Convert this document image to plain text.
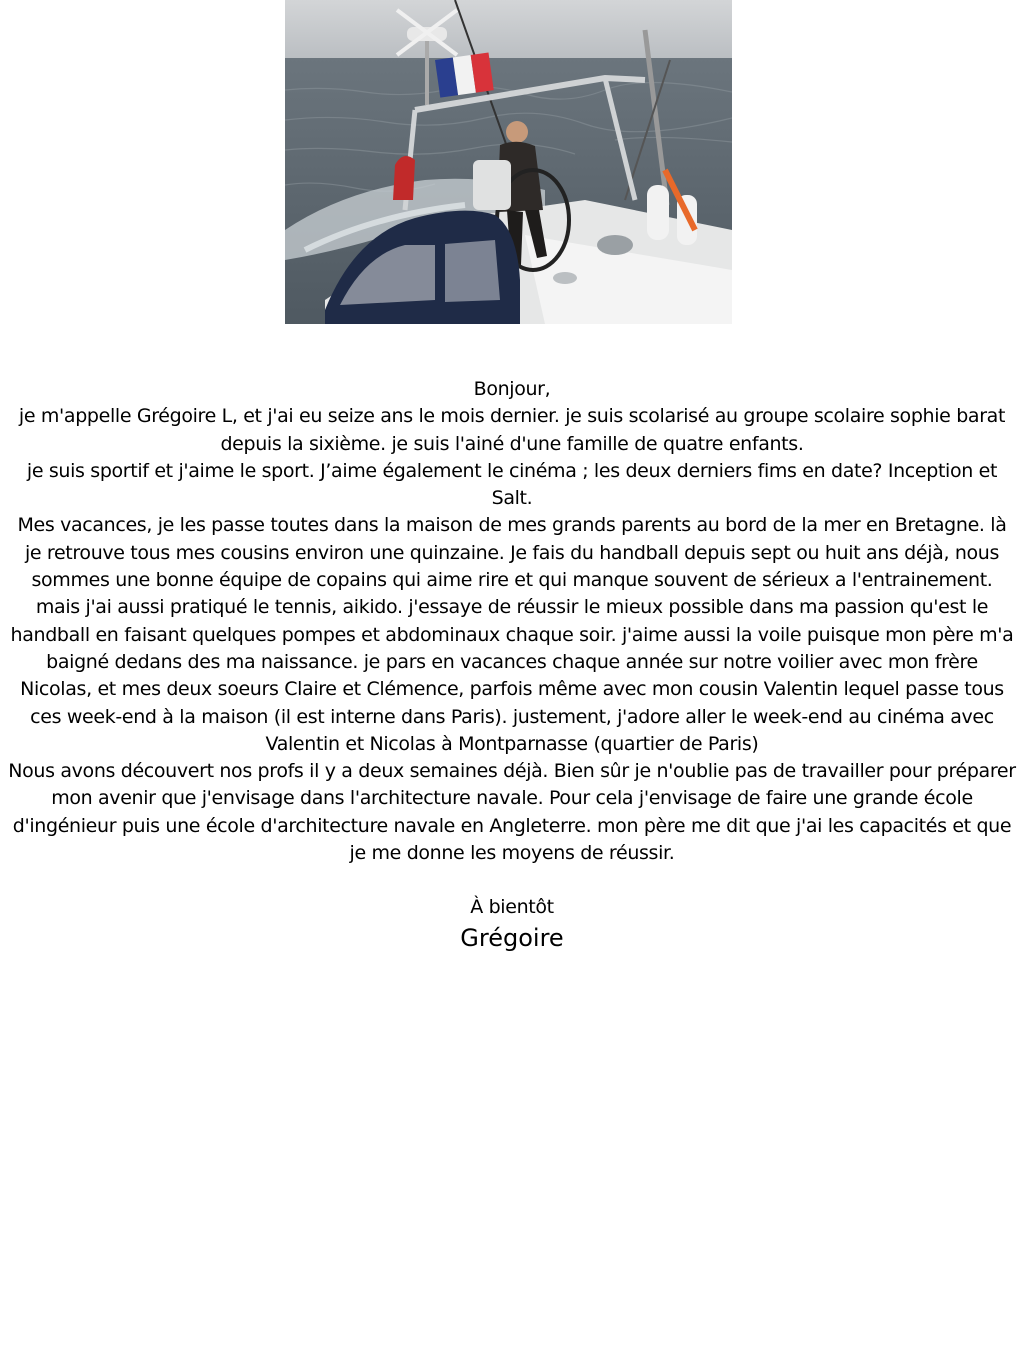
Bonjour,

je m'appelle Grégoire L, et j'ai eu seize ans le mois dernier. je suis scolarisé au groupe scolaire sophie barat depuis la sixième. je suis l'ainé d'une famille de quatre enfants.

je suis sportif et j'aime le sport. J’aime également le cinéma ; les deux derniers fims en date? Inception et Salt.

Mes vacances, je les passe toutes dans la maison de mes grands parents au bord de la mer en Bretagne. là je retrouve tous mes cousins environ une quinzaine. Je fais du handball depuis sept ou huit ans déjà, nous sommes une bonne équipe de copains qui aime rire et qui manque souvent de sérieux a l'entrainement. mais j'ai aussi pratiqué le tennis, aikido. j'essaye de réussir le mieux possible dans ma passion qu'est le handball en faisant quelques pompes et abdominaux chaque soir. j'aime aussi la voile puisque mon père m'a baigné dedans des ma naissance. je pars en vacances chaque année sur notre voilier avec mon frère Nicolas, et mes deux soeurs Claire et Clémence, parfois même avec mon cousin Valentin lequel passe tous ces week-end à la maison (il est interne dans Paris). justement, j'adore aller le week-end au cinéma avec Valentin et Nicolas à Montparnasse (quartier de Paris)

Nous avons découvert nos profs il y a deux semaines déjà. Bien sûr je n'oublie pas de travailler pour préparer mon avenir que j'envisage dans l'architecture navale. Pour cela j'envisage de faire une grande école d'ingénieur puis une école d'architecture navale en Angleterre. mon père me dit que j'ai les capacités et que je me donne les moyens de réussir.

À bientôt

Grégoire
